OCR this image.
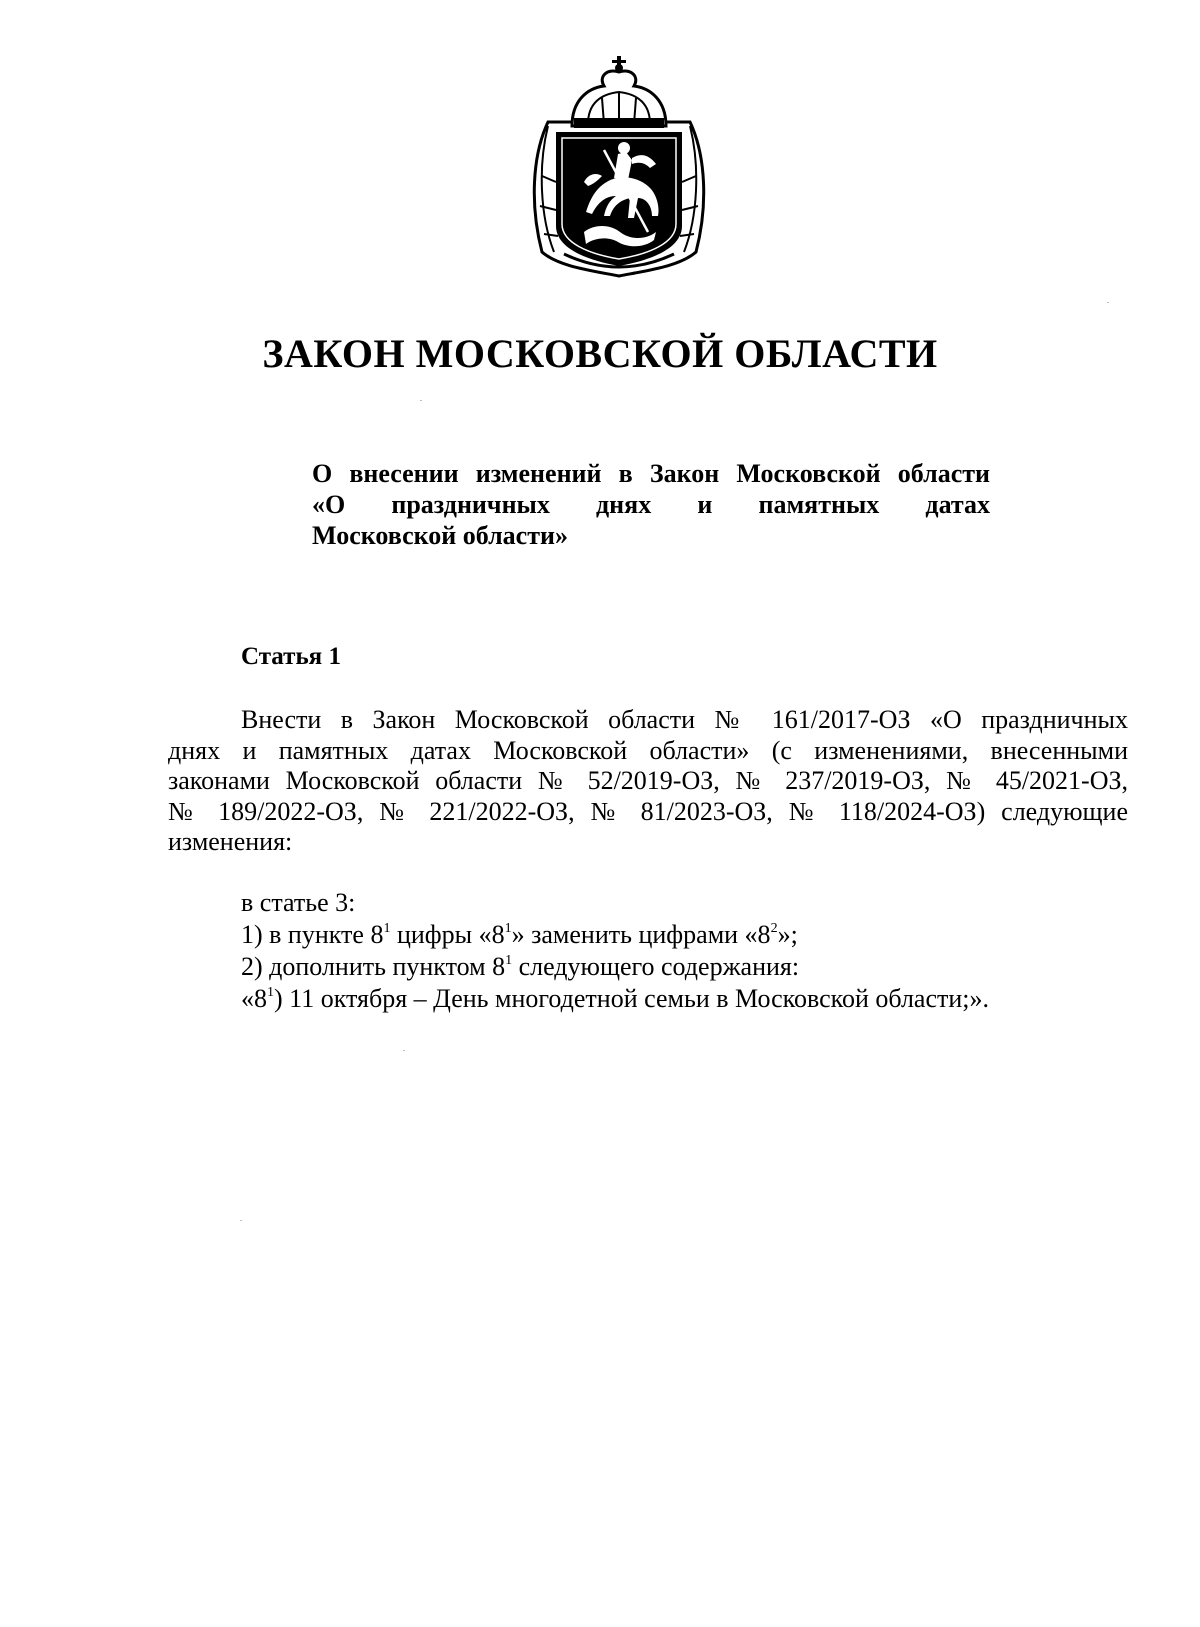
ЗАКОН МОСКОВСКОЙ ОБЛАСТИ
О внесении изменений в Закон Московской области
«О праздничных днях и памятных датах
Московской области»
Статья 1
Внести в Закон Московской области № 161/2017-ОЗ «О праздничных
днях и памятных датах Московской области» (с изменениями, внесенными
законами Московской области № 52/2019-ОЗ, № 237/2019-ОЗ, № 45/2021-ОЗ,
№ 189/2022-ОЗ, № 221/2022-ОЗ, № 81/2023-ОЗ, № 118/2024-ОЗ) следующие
изменения:
в статье 3:
1) в пункте $8^1$ цифры «$8^1$» заменить цифрами «$8^2$»;
2) дополнить пунктом $8^1$ следующего содержания:
«$8^1$) 11 октября – День многодетной семьи в Московской области;».
